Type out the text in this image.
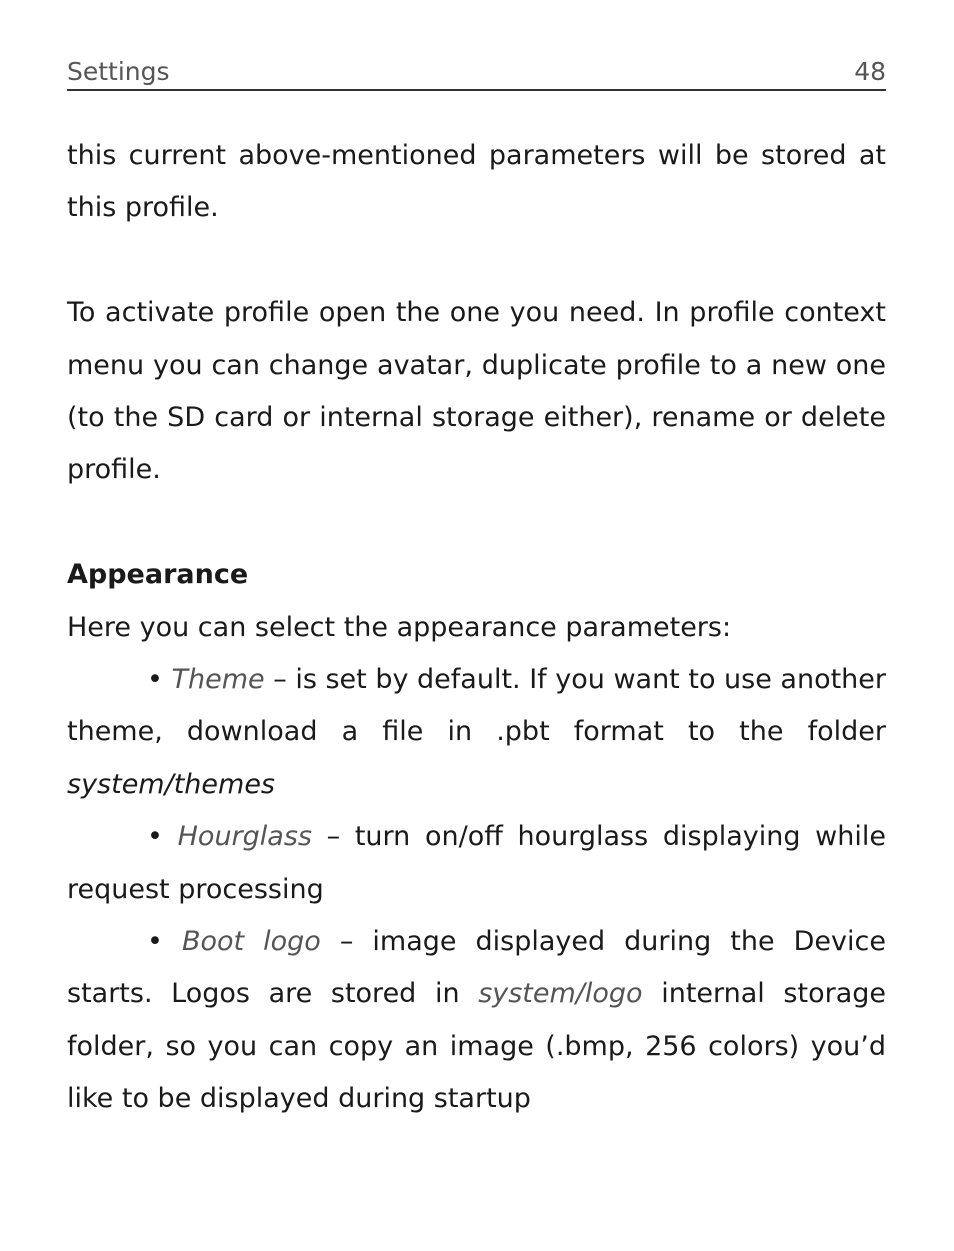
Settings	48

this current above-mentioned parameters will be stored at this profile.

To activate profile open the one you need. In profile context menu you can change avatar, duplicate profile to a new one (to the SD card or internal storage either), rename or delete profile.

Appearance

Here you can select the appearance parameters:

• Theme – is set by default. If you want to use another theme, download a file in .pbt format to the folder system/themes

• Hourglass – turn on/off hourglass displaying while request processing

• Boot logo – image displayed during the Device starts. Logos are stored in system/logo internal storage folder, so you can copy an image (.bmp, 256 colors) you’d like to be displayed during startup
